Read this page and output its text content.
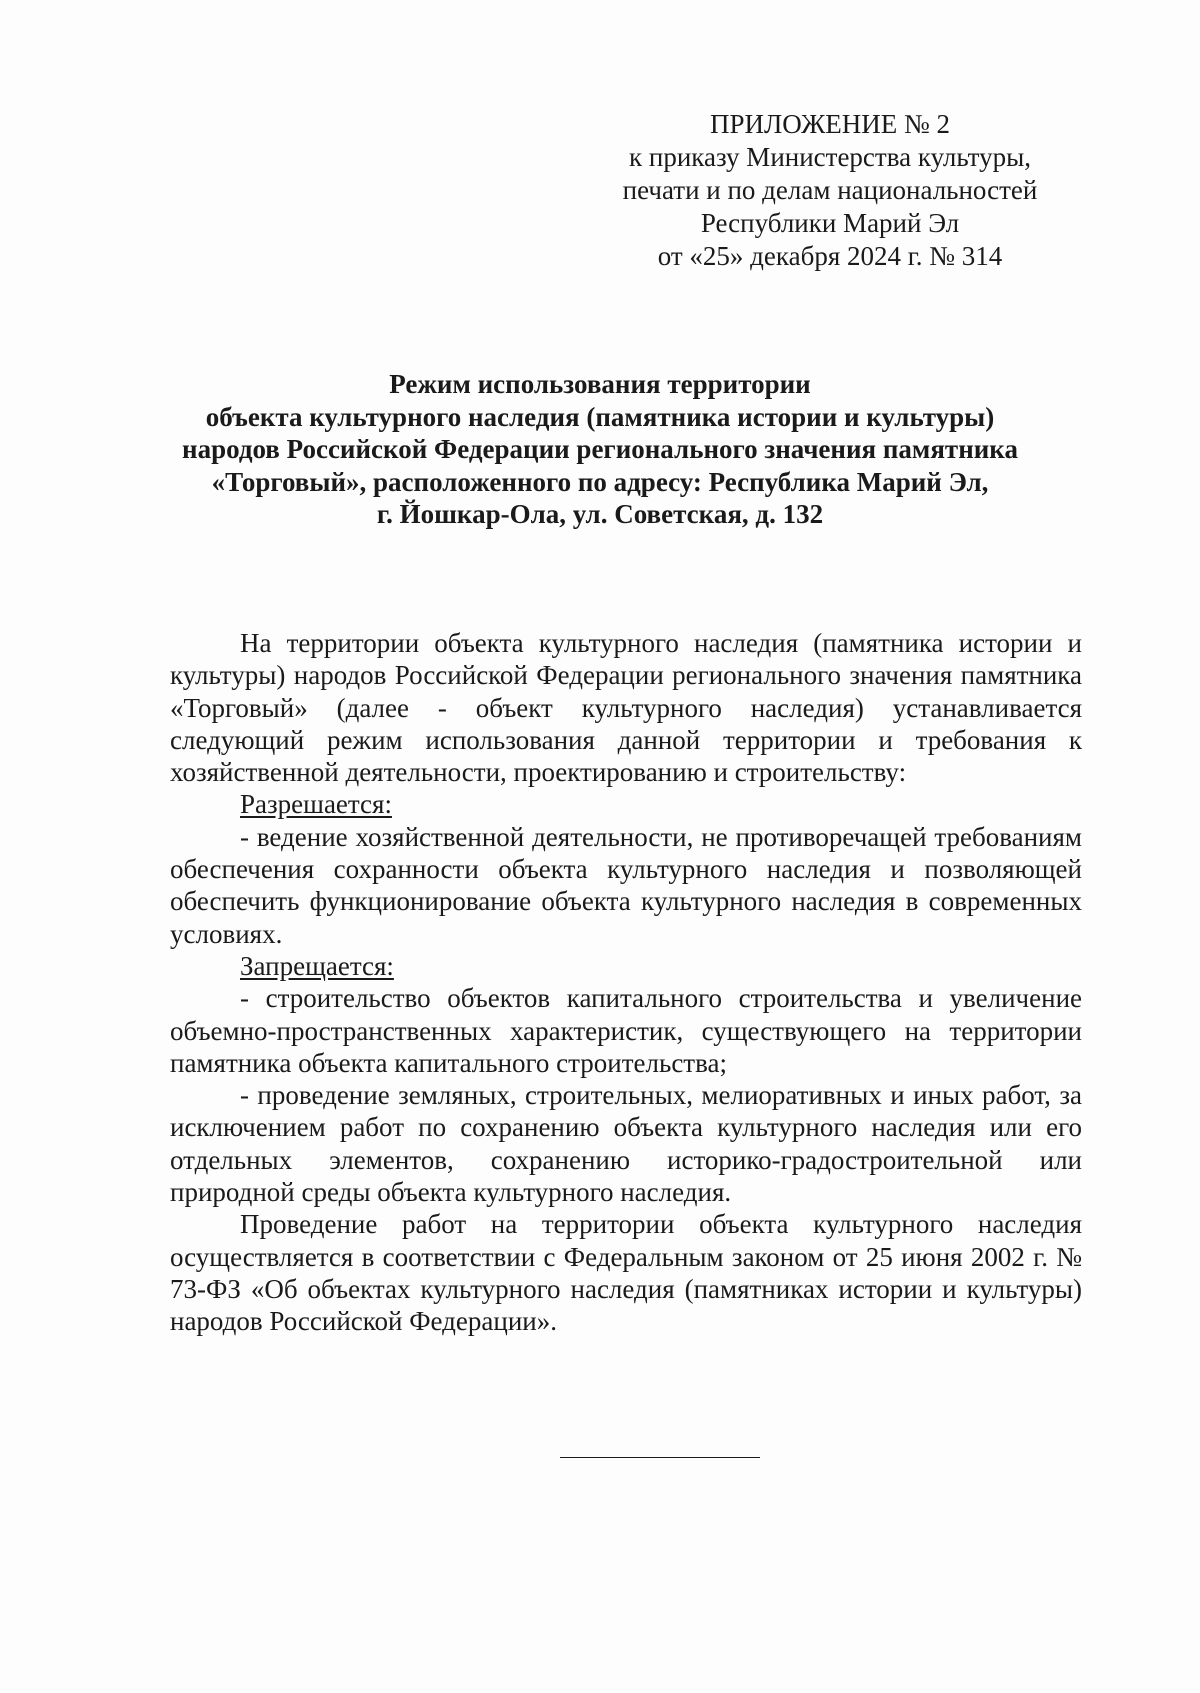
ПРИЛОЖЕНИЕ № 2
к приказу Министерства культуры,
печати и по делам национальностей
Республики Марий Эл
от «25» декабря 2024 г. № 314
Режим использования территории
объекта культурного наследия (памятника истории и культуры)
народов Российской Федерации регионального значения памятника
«Торговый», расположенного по адресу: Республика Марий Эл,
г. Йошкар-Ола, ул. Советская, д. 132

На территории объекта культурного наследия (памятника истории и культуры) народов Российской Федерации регионального значения памятника «Торговый» (далее - объект культурного наследия) устанавливается следующий режим использования данной территории и требования к хозяйственной деятельности, проектированию и строительству:

Разрешается:

- ведение хозяйственной деятельности, не противоречащей требованиям обеспечения сохранности объекта культурного наследия и позволяющей обеспечить функционирование объекта культурного наследия в современных условиях.

Запрещается:

- строительство объектов капитального строительства и увеличение объемно-пространственных характеристик, существующего на территории памятника объекта капитального строительства;

- проведение земляных, строительных, мелиоративных и иных работ, за исключением работ по сохранению объекта культурного наследия или его отдельных элементов, сохранению историко-градостроительной или природной среды объекта культурного наследия.

Проведение работ на территории объекта культурного наследия осуществляется в соответствии с Федеральным законом от 25 июня 2002 г. № 73-ФЗ «Об объектах культурного наследия (памятниках истории и культуры) народов Российской Федерации».
